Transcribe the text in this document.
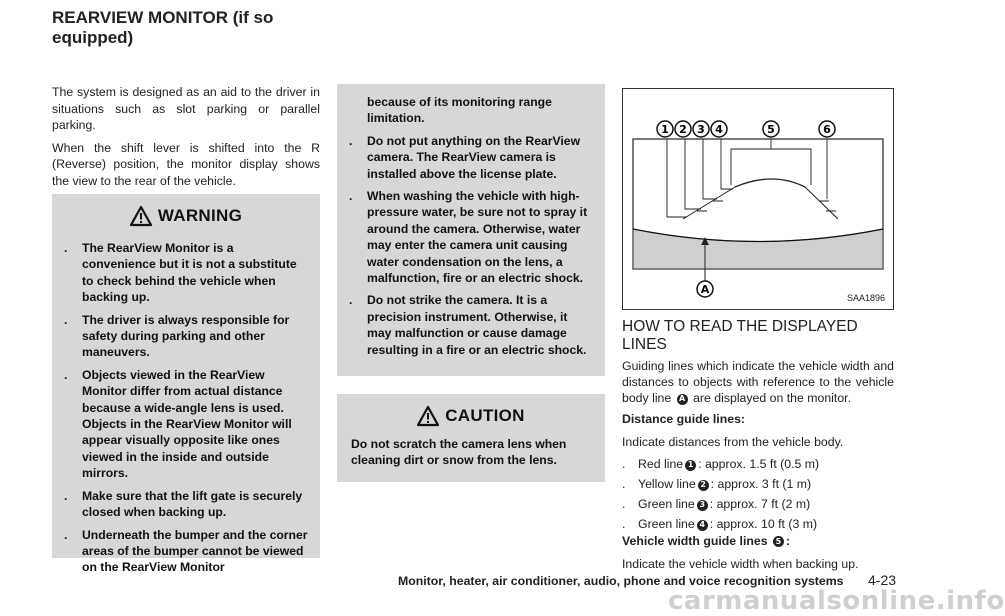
REARVIEW MONITOR (if so equipped)

The system is designed as an aid to the driver in situations such as slot parking or parallel parking.

When the shift lever is shifted into the R (Reverse) position, the monitor display shows the view to the rear of the vehicle.

WARNING
. The RearView Monitor is a convenience but it is not a substitute to check behind the vehicle when backing up.
. The driver is always responsible for safety during parking and other maneuvers.
. Objects viewed in the RearView Monitor differ from actual distance because a wide-angle lens is used. Objects in the RearView Monitor will appear visually opposite like ones viewed in the inside and outside mirrors.
. Make sure that the lift gate is securely closed when backing up.
. Underneath the bumper and the corner areas of the bumper cannot be viewed on the RearView Monitor
because of its monitoring range limitation.
. Do not put anything on the RearView camera. The RearView camera is installed above the license plate.
. When washing the vehicle with high-pressure water, be sure not to spray it around the camera. Otherwise, water may enter the camera unit causing water condensation on the lens, a malfunction, fire or an electric shock.
. Do not strike the camera. It is a precision instrument. Otherwise, it may malfunction or cause damage resulting in a fire or an electric shock.
CAUTION
Do not scratch the camera lens when cleaning dirt or snow from the lens.
1 2 3 4	5	6
A
SAA1896
HOW TO READ THE DISPLAYED LINES
Guiding lines which indicate the vehicle width and distances to objects with reference to the vehicle body line A are displayed on the monitor.
Distance guide lines:
Indicate distances from the vehicle body.
. Red line 1 : approx. 1.5 ft (0.5 m)
. Yellow line 2 : approx. 3 ft (1 m)
. Green line 3 : approx. 7 ft (2 m)
. Green line 4 : approx. 10 ft (3 m)
Vehicle width guide lines 5 :
Indicate the vehicle width when backing up.
Monitor, heater, air conditioner, audio, phone and voice recognition systems 4-23
carmanualsonline.info
